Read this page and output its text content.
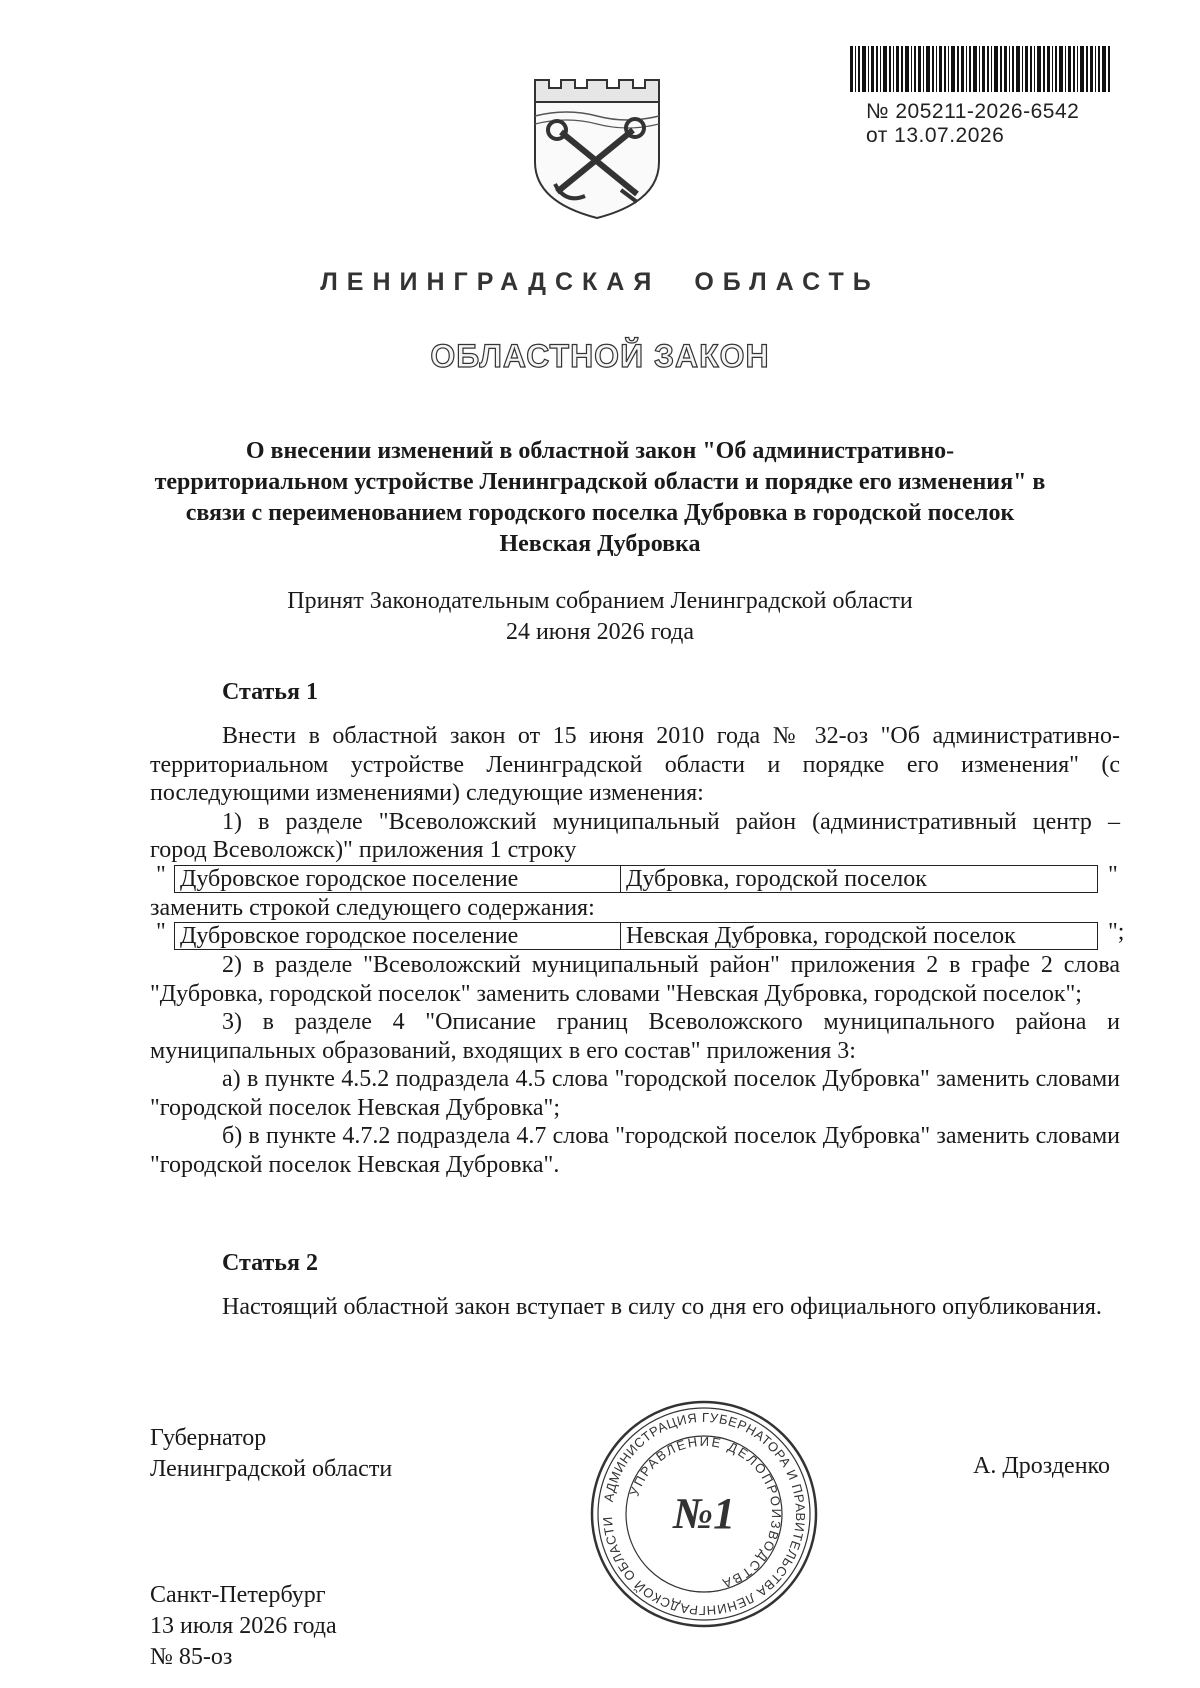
№ 205211-2026-6542
от 13.07.2026
ЛЕНИНГРАДСКАЯ ОБЛАСТЬ
ОБЛАСТНОЙ ЗАКОН
О внесении изменений в областной закон "Об административно-территориальном устройстве Ленинградской области и порядке его изменения" в связи с переименованием городского поселка Дубровка в городской поселок Невская Дубровка
Принят Законодательным собранием Ленинградской области
24 июня 2026 года
Статья 1

Внести в областной закон от 15 июня 2010 года № 32-оз "Об административно-территориальном устройстве Ленинградской области и порядке его изменения" (с последующими изменениями) следующие изменения:

1) в разделе "Всеволожский муниципальный район (административный центр –

город Всеволожск)" приложения 1 строку

" Дубровское городское поселение	Дубровка, городской поселок	"

заменить строкой следующего содержания:

" Дубровское городское поселение	Невская Дубровка, городской поселок	";

2) в разделе "Всеволожский муниципальный район" приложения 2 в графе 2 слова "Дубровка, городской поселок" заменить словами "Невская Дубровка, городской поселок";

3) в разделе 4 "Описание границ Всеволожского муниципального района и муниципальных образований, входящих в его состав" приложения 3:

а) в пункте 4.5.2 подраздела 4.5 слова "городской поселок Дубровка" заменить словами "городской поселок Невская Дубровка";

б) в пункте 4.7.2 подраздела 4.7 слова "городской поселок Дубровка" заменить словами "городской поселок Невская Дубровка".

Статья 2

Настоящий областной закон вступает в силу со дня его официального опубликования.

Губернатор
Ленинградской области	А. Дрозденко
АДМИНИСТРАЦИЯ ГУБЕРНАТОРА И ПРАВИТЕЛЬСТВА ЛЕНИНГРАДСКОЙ ОБЛАСТИ
УПРАВЛЕНИЕ ДЕЛОПРОИЗВОДСТВА
№1
Санкт-Петербург
13 июля 2026 года
№ 85-оз
